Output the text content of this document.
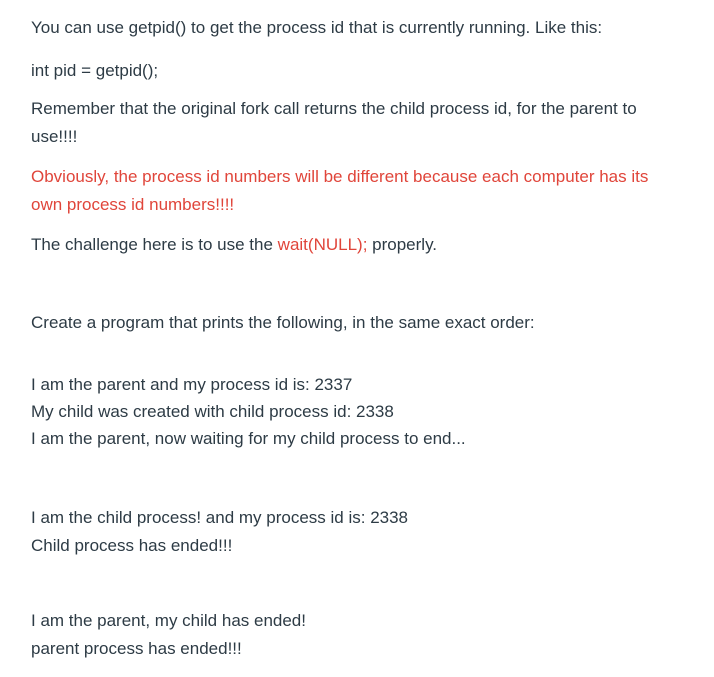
You can use getpid() to get the process id that is currently running. Like this:
int pid = getpid();
Remember that the original fork call returns the child process id, for the parent to
use!!!!
Obviously, the process id numbers will be different because each computer has its
own process id numbers!!!!
The challenge here is to use the wait(NULL); properly.
Create a program that prints the following, in the same exact order:
I am the parent and my process id is: 2337
My child was created with child process id: 2338
I am the parent, now waiting for my child process to end...
I am the child process! and my process id is: 2338
Child process has ended!!!
I am the parent, my child has ended!
parent process has ended!!!
